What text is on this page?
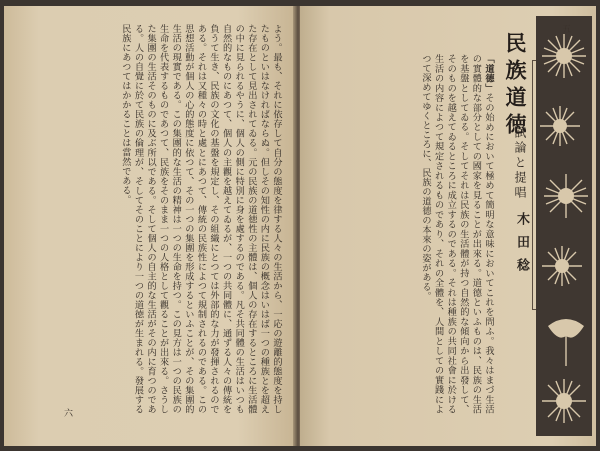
よう。最も、それに依存して自分の態度を律する人々の生活から、一応の遊離的態度を持したものといはなければならぬ。但しその知性の内に民族の概念はいはば一つの種族とを超えた存在として見出されてゐる。元の民族の道徳性の主體は、個人の存在するところに生活體の中に見られるやうに、個人の側に特別に身を處するのである。凡そ共同體の生活はいつも自然的なものにあつて、個人の主觀を越えてゐるが、一つの共同體に、通ずる人々の傳統を負うて生き、民族の文化の基盤を規定し、その組織にとつては外部的な力が發揮されるのである。それは又種々の時と處とにあつて、傳統の民族性によつて規制されるのである。この思想活動が個人の心的態度に依つて、その一つの集團を形成するといふことが、その集團的生活の現實である。この集團的な生活の精神は一つの生命を持つ。この見方は一つの民族の生命を代表するものであつて、民族をそのまま一つの人格として觀ることが出來る。さうした集團の生活そのものに及ぶ所以である。そして個人の自主的な生活がその内に育つのである。人の自覺に於て民族の倫理が、そしてそのことにより一つの道徳が生まれる。發展する民族にあつてはかかることは當然である。
六
「道德」その始めにおいて極めて簡明な意味においてこれを問ふ。我々はまづ生活の實體的な部分としての國家を見ることが出來る。道德といふものは、民族の生活を基盤としてゐる。そしてそれは民族の生活體が持つ自然的な傾向から出發して、そのものを越えてゐるところに成立するのである。それは種族の共同社會に於ける生活の内容によつて規定されるものであり、それの全體を、人間としての實踐によつて深めてゆくところに、民族の道德の本來の姿がある。	民族道徳
試論と提唱
木田稔
五
